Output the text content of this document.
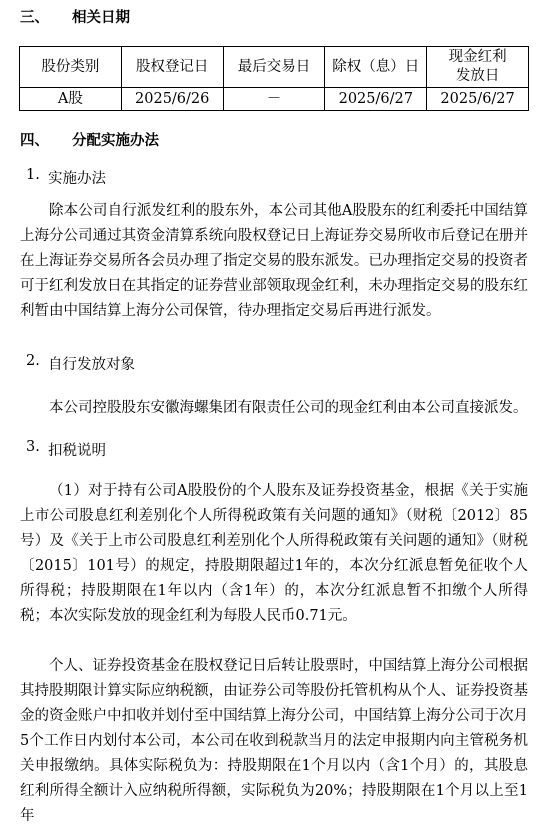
三、	相关日期
股份类别	股权登记日	最后交易日	除权（息）日	现金红利
发放日
A股	2025/6/26	－	2025/6/27	2025/6/27
四、	分配实施办法
1. 实施办法

除本公司自行派发红利的股东外，本公司其他A股股东的红利委托中国结算上海分公司通过其资金清算系统向股权登记日上海证券交易所收市后登记在册并在上海证券交易所各会员办理了指定交易的股东派发。已办理指定交易的投资者可于红利发放日在其指定的证券营业部领取现金红利，未办理指定交易的股东红利暂由中国结算上海分公司保管，待办理指定交易后再进行派发。

2. 自行发放对象

本公司控股股东安徽海螺集团有限责任公司的现金红利由本公司直接派发。

3. 扣税说明

（1）对于持有公司A股股份的个人股东及证券投资基金，根据《关于实施上市公司股息红利差别化个人所得税政策有关问题的通知》（财税〔2012〕85号）及《关于上市公司股息红利差别化个人所得税政策有关问题的通知》（财税〔2015〕101号）的规定，持股期限超过1年的，本次分红派息暂免征收个人所得税；持股期限在1年以内（含1年）的，本次分红派息暂不扣缴个人所得税；本次实际发放的现金红利为每股人民币0.71元。

个人、证券投资基金在股权登记日后转让股票时，中国结算上海分公司根据其持股期限计算实际应纳税额，由证券公司等股份托管机构从个人、证券投资基金的资金账户中扣收并划付至中国结算上海分公司，中国结算上海分公司于次月5个工作日内划付本公司，本公司在收到税款当月的法定申报期内向主管税务机关申报缴纳。具体实际税负为：持股期限在1个月以内（含1个月）的，其股息红利所得全额计入应纳税所得额，实际税负为20%；持股期限在1个月以上至1年
